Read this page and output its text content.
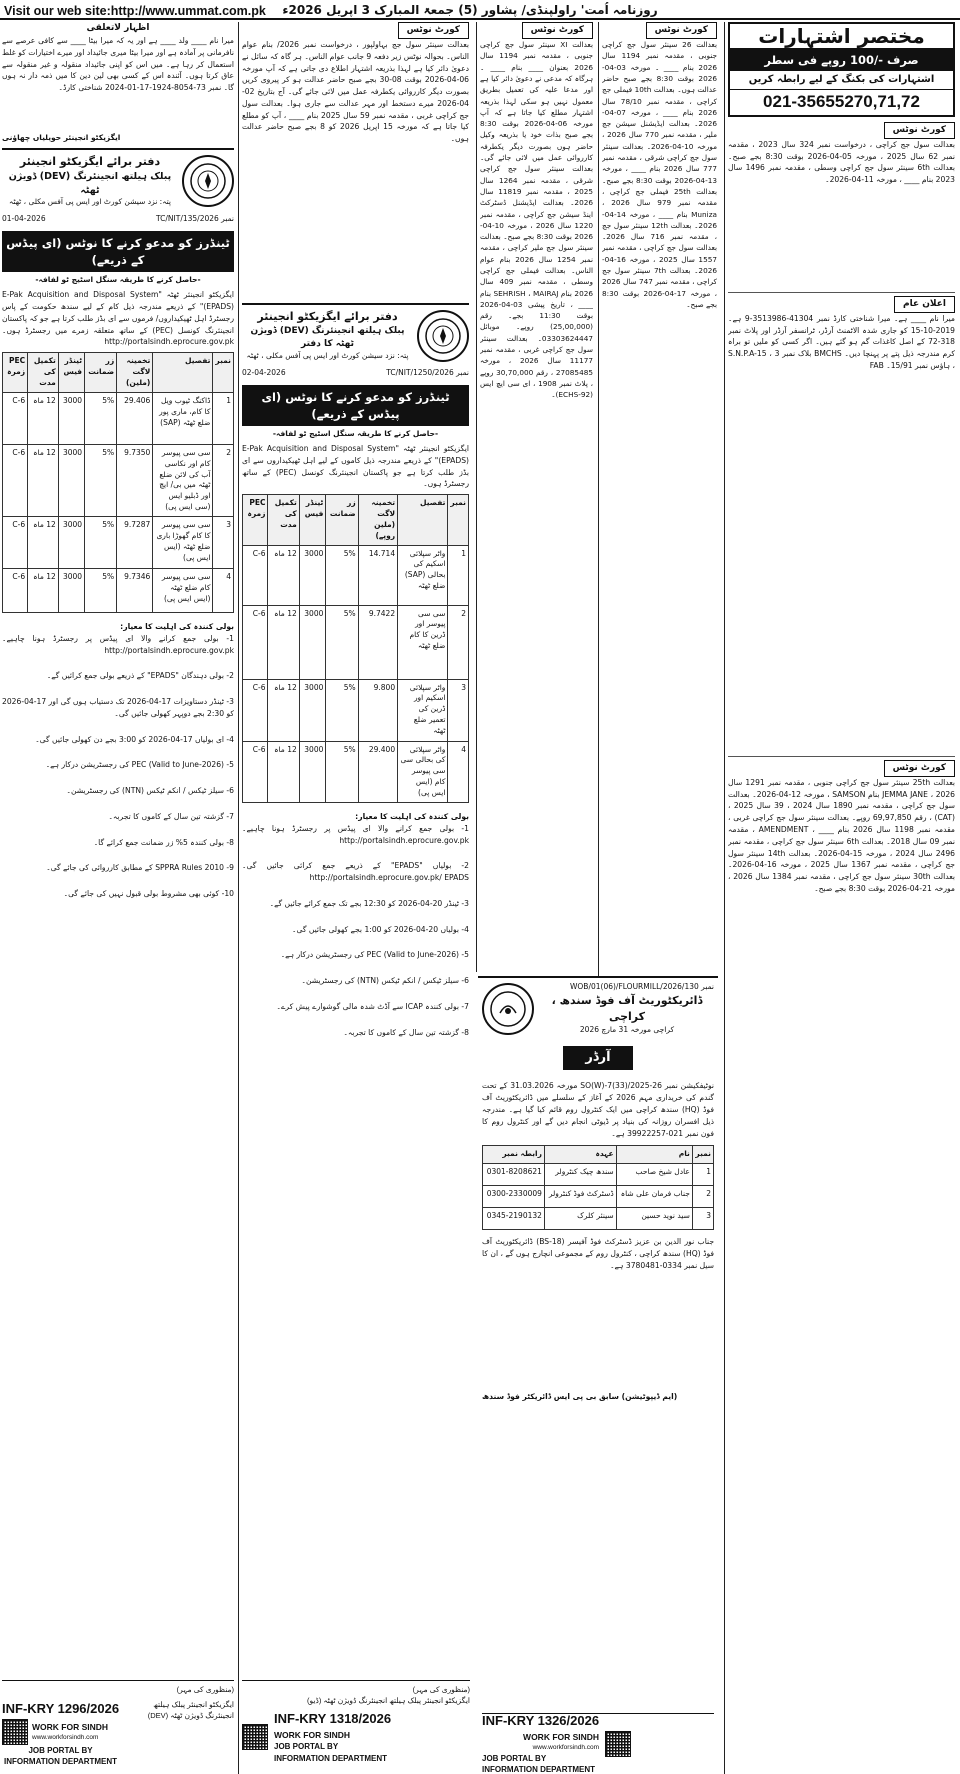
Visit our web site:http://www.ummat.com.pk	روزنامہ اُمت' راولپنڈی/ پشاور (5) جمعۃ المبارک 3 اپریل 2026ء
اظہار لاتعلقی
میرا نام ____ ولد ____ ہے اور یہ کہ میرا بیٹا ____ سے کافی عرصے سے نافرمانی پر آمادہ ہے اور میرا بیٹا میری جائیداد اور میرے اختیارات کو غلط استعمال کر رہا ہے۔ میں اس کو اپنی جائیداد منقولہ و غیر منقولہ سے عاق کرتا ہوں۔ آئندہ اس کے کسی بھی لین دین کا میں ذمہ دار نہ ہوں گا۔ نمبر 73-8054-1924-17-01-2024 شناختی کارڈ۔
ایگزیکٹو انجینئر حویلیاں چھاؤنی
دفتر برائے ایگزیکٹو انجینئر
پبلک ہیلتھ انجینئرنگ (DEV) ڈویژن ٹھٹہ
پتہ: نزد سیشن کورٹ اور ایس پی آفس مکلی ، ٹھٹہ
نمبر TC/NIT/135/2026
01-04-2026
ٹینڈرز کو مدعو کرنے کا نوٹس (ای پیڈس کے ذریعے)
-حاصل کرنے کا طریقہ سنگل اسٹیج ٹو لفافہ-
ایگزیکٹو انجینئر ٹھٹہ "E-Pak Acquisition and Disposal System (EPADS)" کے ذریعے مندرجہ ذیل کام کے لیے سندھ حکومت کے پاس رجسٹرڈ اہل ٹھیکیداروں/ فرموں سے ای بڈز طلب کرتا ہے جو کہ پاکستان انجینئرنگ کونسل (PEC) کے ساتھ متعلقہ زمرے میں رجسٹرڈ ہوں۔ http://portalsindh.eprocure.gov.pk
نمبر	تفصیل	تخمینہ لاگت (ملین)	زر ضمانت	ٹینڈر فیس	تکمیل کی مدت	PEC زمرہ
1	ڈاکنگ ٹیوب ویل کا کام، ماری پور ضلع ٹھٹہ (SAP)	29.406	5%	3000	12 ماہ	C-6
2	سی سی پیوسر کام اور نکاسی آب کی لائن ضلع ٹھٹہ میں بی/ ایچ اور ڈبلیو ایس (سی ایس پی)	9.7350	5%	3000	12 ماہ	C-6
3	سی سی پیوسر کا کام گھوڑا باری ضلع ٹھٹہ (ایس ایس پی)	9.7287	5%	3000	12 ماہ	C-6
4	سی سی پیوسر کام ضلع ٹھٹہ (ایس ایس پی)	9.7346	5%	3000	12 ماہ	C-6
بولی کنندہ کی اہلیت کا معیار:
1- بولی جمع کرانے والا ای پیڈس پر رجسٹرڈ ہونا چاہیے۔ http://portalsindh.eprocure.gov.pk
2- بولی دہندگان "EPADS" کے ذریعے بولی جمع کرائیں گے۔
3- ٹینڈر دستاویزات 17-04-2026 تک دستیاب ہوں گی اور 17-04-2026 کو 2:30 بجے دوپہر کھولی جائیں گی۔
4- ای بولیاں 17-04-2026 کو 3:00 بجے دن کھولی جائیں گی۔
5- PEC (Valid to June-2026) کی رجسٹریشن درکار ہے۔
6- سیلز ٹیکس / انکم ٹیکس (NTN) کی رجسٹریشن۔
7- گزشتہ تین سال کے کاموں کا تجربہ۔
8- بولی کنندہ 5% زر ضمانت جمع کرائے گا۔
9- SPPRA Rules 2010 کے مطابق کارروائی کی جائے گی۔
10- کوئی بھی مشروط بولی قبول نہیں کی جائے گی۔
(منظوری کی مہر)
INF-KRY 1296/2026
WORK FOR SINDH
www.workforsindh.com
JOB PORTAL BY
INFORMATION DEPARTMENT
ایگزیکٹو انجینئر پبلک ہیلتھ انجینئرنگ ڈویژن ٹھٹہ (DEV)
کورٹ نوٹس
بعدالت سینئر سول جج بہاولپور ، درخواست نمبر 2026/ بنام عوام الناس۔ بحوالہ نوٹس زیر دفعہ 9 جانب عوام الناس۔ ہر گاہ کہ سائل نے دعویٰ دائر کیا ہے لہذا بذریعہ اشتہار اطلاع دی جاتی ہے کہ آپ مورخہ 06-04-2026 بوقت 08-30 بجے صبح حاضر عدالت ہو کر پیروی کریں بصورت دیگر کارروائی یکطرفہ عمل میں لائی جائے گی۔ آج بتاریخ 02-04-2026 میرے دستخط اور مہر عدالت سے جاری ہوا۔ بعدالت سول جج کراچی غربی ، مقدمہ نمبر 59 سال 2025 بنام ____ ، آپ کو مطلع کیا جاتا ہے کہ مورخہ 15 اپریل 2026 کو 8 بجے صبح حاضر عدالت ہوں۔
دفتر برائے ایگزیکٹو انجینئر
پبلک ہیلتھ انجینئرنگ (DEV) ڈویژن ٹھٹہ کا دفتر
پتہ: نزد سیشن کورٹ اور ایس پی آفس مکلی ، ٹھٹہ
نمبر TC/NIT/1250/2026
02-04-2026
ٹینڈرز کو مدعو کرنے کا نوٹس (ای پیڈس کے ذریعے)
-حاصل کرنے کا طریقہ سنگل اسٹیج ٹو لفافہ-
ایگزیکٹو انجینئر ٹھٹہ "E-Pak Acquisition and Disposal System (EPADS)" کے ذریعے مندرجہ ذیل کاموں کے لیے اہل ٹھیکیداروں سے ای بڈز طلب کرتا ہے جو پاکستان انجینئرنگ کونسل (PEC) کے ساتھ رجسٹرڈ ہوں۔
نمبر	تفصیل	تخمینہ لاگت (ملین روپے)	زر ضمانت	ٹینڈر فیس	تکمیل کی مدت	PEC زمرہ
1	واٹر سپلائی اسکیم کی بحالی (SAP) ضلع ٹھٹہ	14.714	5%	3000	12 ماہ	C-6
2	سی سی پیوسر اور ڈرین کا کام ضلع ٹھٹہ	9.7422	5%	3000	12 ماہ	C-6
3	واٹر سپلائی اسکیم اور ڈرین کی تعمیر ضلع ٹھٹہ	9.800	5%	3000	12 ماہ	C-6
4	واٹر سپلائی کی بحالی سی سی پیوسر کام (ایس ایس پی)	29.400	5%	3000	12 ماہ	C-6
بولی کنندہ کی اہلیت کا معیار:
1- بولی جمع کرانے والا ای پیڈس پر رجسٹرڈ ہونا چاہیے۔ http://portalsindh.eprocure.gov.pk
2- بولیاں "EPADS" کے ذریعے جمع کرائی جائیں گی۔ http://portalsindh.eprocure.gov.pk/ EPADS
3- ٹینڈر 20-04-2026 کو 12:30 بجے تک جمع کرائے جائیں گے۔
4- بولیاں 20-04-2026 کو 1:00 بجے کھولی جائیں گی۔
5- PEC (Valid to June-2026) کی رجسٹریشن درکار ہے۔
6- سیلز ٹیکس / انکم ٹیکس (NTN) کی رجسٹریشن۔
7- بولی کنندہ ICAP سے آڈٹ شدہ مالی گوشوارے پیش کرے۔
8- گزشتہ تین سال کے کاموں کا تجربہ۔
(منظوری کی مہر)
ایگزیکٹو انجینئر پبلک ہیلتھ انجینئرنگ ڈویژن ٹھٹہ (ڈیو)
INF-KRY 1318/2026
WORK FOR SINDH
JOB PORTAL BY
INFORMATION DEPARTMENT
کورٹ نوٹس
بعدالت XI سینئر سول جج کراچی جنوبی ، مقدمہ نمبر 1194 سال 2026 بعنوان ____ بنام ____ ۔ ہرگاہ کہ مدعی نے دعویٰ دائر کیا ہے اور مدعا علیہ کی تعمیل بطریق معمول نہیں ہو سکی لہذا بذریعہ اشتہار مطلع کیا جاتا ہے کہ آپ مورخہ 06-04-2026 بوقت 8:30 بجے صبح بذات خود یا بذریعہ وکیل حاضر ہوں بصورت دیگر یکطرفہ کارروائی عمل میں لائی جائے گی۔ بعدالت سینئر سول جج کراچی شرقی ، مقدمہ نمبر 1264 سال 2025 ، مقدمہ نمبر 11819 سال 2026۔ بعدالت ایڈیشنل ڈسٹرکٹ اینڈ سیشن جج کراچی ، مقدمہ نمبر 1220 سال 2026 ، مورخہ 10-04-2026 بوقت 8:30 بجے صبح۔ بعدالت سینئر سول جج ملیر کراچی ، مقدمہ نمبر 1254 سال 2026 بنام عوام الناس۔ بعدالت فیملی جج کراچی وسطی ، مقدمہ نمبر 409 سال 2026 بنام SEHRISH ، MAIRAJ بنام ____ ، تاریخ پیشی 03-04-2026 بوقت 11:30 بجے۔ رقم (25,00,000) روپے۔ موبائل 03303624447۔ بعدالت سینئر سول جج کراچی غربی ، مقدمہ نمبر 11177 سال 2026 ، مورخہ 27085485 ، رقم 30,70,000 روپے ، پلاٹ نمبر 1908 ، ای سی ایچ ایس (ECHS-92)۔
کورٹ نوٹس
بعدالت 26 سینئر سول جج کراچی جنوبی ، مقدمہ نمبر 1194 سال 2026 بنام ____ ۔ مورخہ 03-04-2026 بوقت 8:30 بجے صبح حاضر عدالت ہوں۔ بعدالت 10th فیملی جج کراچی ، مقدمہ نمبر 78/10 سال 2026 بنام ____ ، مورخہ 07-04-2026۔ بعدالت ایڈیشنل سیشن جج ملیر ، مقدمہ نمبر 770 سال 2026 ، مورخہ 10-04-2026۔ بعدالت سینئر سول جج کراچی شرقی ، مقدمہ نمبر 777 سال 2026 بنام ____ ، مورخہ 13-04-2026 بوقت 8:30 بجے صبح۔ بعدالت 25th فیملی جج کراچی ، مقدمہ نمبر 979 سال 2026 ، Muniza بنام ____ ، مورخہ 14-04-2026۔ بعدالت 12th سینئر سول جج ، مقدمہ نمبر 716 سال 2026۔ بعدالت سول جج کراچی ، مقدمہ نمبر 1557 سال 2025 ، مورخہ 16-04-2026۔ بعدالت 7th سینئر سول جج کراچی ، مقدمہ نمبر 747 سال 2026 ، مورخہ 17-04-2026 بوقت 8:30 بجے صبح۔
نمبر WOB/01(06)/FLOURMILL/2026/130
ڈائریکٹوریٹ آف فوڈ سندھ ، کراچی
کراچی مورخہ 31 مارچ 2026
آرڈر
نوٹیفکیشن نمبر SO(W)-7(33)/2025-26 مورخہ 31.03.2026 کے تحت گندم کی خریداری مہم 2026 کے آغاز کے سلسلے میں ڈائریکٹوریٹ آف فوڈ (HQ) سندھ کراچی میں ایک کنٹرول روم قائم کیا گیا ہے۔ مندرجہ ذیل افسران روزانہ کی بنیاد پر ڈیوٹی انجام دیں گے اور کنٹرول روم کا فون نمبر 021-39922257 ہے۔
نمبر	نام	عہدہ	رابطہ نمبر
1	عادل شیخ صاحب	سندھ چیک کنٹرولر	0301-8208621
2	جناب فرمان علی شاہ	ڈسٹرکٹ فوڈ کنٹرولر	0300-2330009
3	سید نوید حسین	سینئر کلرک	0345-2190132
جناب نور الدین بن عزیز ڈسٹرکٹ فوڈ آفیسر (BS-18) ڈائریکٹوریٹ آف فوڈ (HQ) سندھ کراچی ، کنٹرول روم کے مجموعی انچارج ہوں گے ، ان کا سیل نمبر 0334-3780481 ہے۔
(ایم ڈیپوٹیشن) سابق بی پی ایس ڈائریکٹر فوڈ سندھ
INF-KRY 1326/2026
WORK FOR SINDH
www.workforsindh.com
JOB PORTAL BY
INFORMATION DEPARTMENT
مختصر اشتہارات
صرف -/100 روپے فی سطر
اشتہارات کی بکنگ کے لیے رابطہ کریں
021-35655270,71,72
کورٹ نوٹس
بعدالت سول جج کراچی ، درخواست نمبر 324 سال 2023 ، مقدمہ نمبر 62 سال 2025 ، مورخہ 05-04-2026 بوقت 8:30 بجے صبح۔ بعدالت 6th سینئر سول جج کراچی وسطی ، مقدمہ نمبر 1496 سال 2023 بنام ____ ، مورخہ 11-04-2026۔
اعلان عام
میرا نام ____ ہے۔ میرا شناختی کارڈ نمبر 41304-3513986-9 ہے۔ 2019-10-15 کو جاری شدہ الاٹمنٹ آرڈر، ٹرانسفر آرڈر اور پلاٹ نمبر 318-72 کے اصل کاغذات گم ہو گئے ہیں۔ اگر کسی کو ملیں تو براہ کرم مندرجہ ذیل پتے پر پہنچا دیں۔ BMCHS بلاک نمبر 3 ، S.N.P.A-15 ، ہاؤس نمبر 15/91۔ FAB
کورٹ نوٹس
بعدالت 25th سینئر سول جج کراچی جنوبی ، مقدمہ نمبر 1291 سال 2026 ، JEMMA JANE بنام SAMSON ، مورخہ 12-04-2026۔ بعدالت سول جج کراچی ، مقدمہ نمبر 1890 سال 2024 ، 39 سال 2025 ، (CAT) ، رقم 69,97,850 روپے۔ بعدالت سینئر سول جج کراچی غربی ، مقدمہ نمبر 1198 سال 2026 بنام ____ ، AMENDMENT ، مقدمہ نمبر 09 سال 2018۔ بعدالت 6th سینئر سول جج کراچی ، مقدمہ نمبر 2496 سال 2024 ، مورخہ 15-04-2026۔ بعدالت 14th سینئر سول جج کراچی ، مقدمہ نمبر 1367 سال 2025 ، مورخہ 16-04-2026۔ بعدالت 30th سینئر سول جج کراچی ، مقدمہ نمبر 1384 سال 2026 ، مورخہ 21-04-2026 بوقت 8:30 بجے صبح۔
